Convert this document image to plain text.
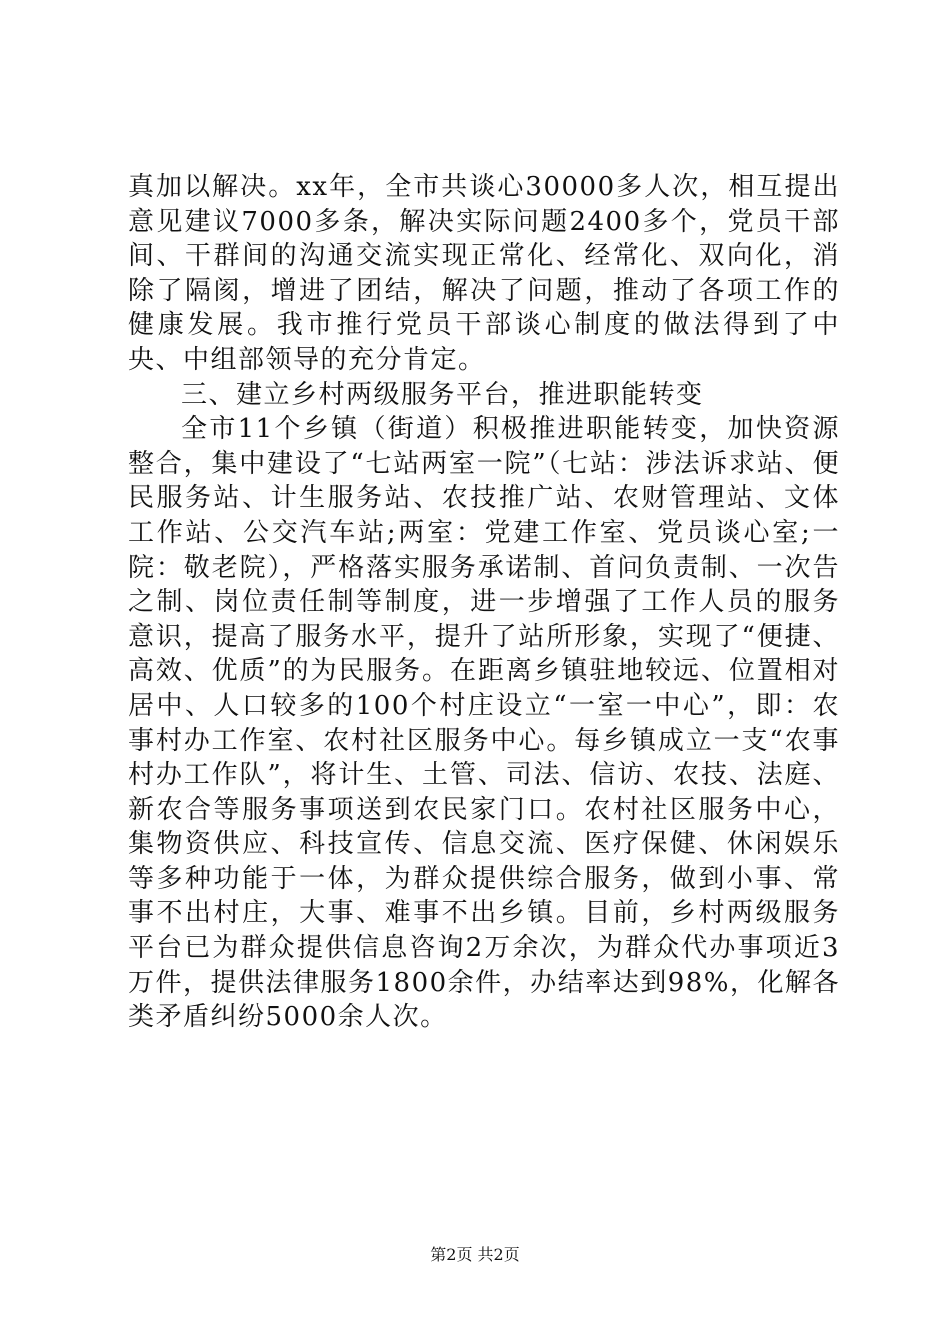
真加以解决。xx年，全市共谈心30000多人次，相互提出意见建议7000多条，解决实际问题2400多个，党员干部间、干群间的沟通交流实现正常化、经常化、双向化，消除了隔阂，增进了团结，解决了问题，推动了各项工作的健康发展。我市推行党员干部谈心制度的做法得到了中央、中组部领导的充分肯定。

三、建立乡村两级服务平台，推进职能转变

全市11个乡镇（街道）积极推进职能转变，加快资源整合，集中建设了“七站两室一院”（七站：涉法诉求站、便民服务站、计生服务站、农技推广站、农财管理站、文体工作站、公交汽车站;两室：党建工作室、党员谈心室;一院：敬老院），严格落实服务承诺制、首问负责制、一次告之制、岗位责任制等制度，进一步增强了工作人员的服务意识，提高了服务水平，提升了站所形象，实现了“便捷、高效、优质”的为民服务。在距离乡镇驻地较远、位置相对居中、人口较多的100个村庄设立“一室一中心”，即：农事村办工作室、农村社区服务中心。每乡镇成立一支“农事村办工作队”，将计生、土管、司法、信访、农技、法庭、新农合等服务事项送到农民家门口。农村社区服务中心，集物资供应、科技宣传、信息交流、医疗保健、休闲娱乐等多种功能于一体，为群众提供综合服务，做到小事、常事不出村庄，大事、难事不出乡镇。目前，乡村两级服务平台已为群众提供信息咨询2万余次，为群众代办事项近3万件，提供法律服务1800余件，办结率达到98%，化解各类矛盾纠纷5000余人次。

第2页 共2页
